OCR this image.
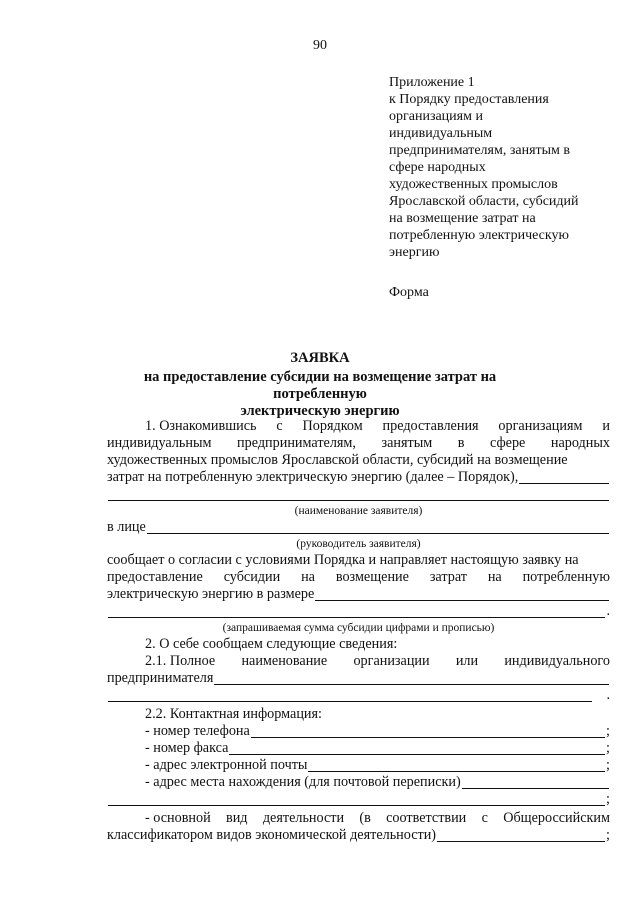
90
Приложение 1
к Порядку предоставления
организациям и
индивидуальным
предпринимателям, занятым в
сфере народных
художественных промыслов
Ярославской области, субсидий
на возмещение затрат на
потребленную электрическую
энергию
Форма
ЗАЯВКА
на предоставление субсидии на возмещение затрат на потребленную
электрическую энергию
1. Ознакомившись с Порядком предоставления организациям и
индивидуальным предпринимателям, занятым в сфере народных
художественных промыслов Ярославской области, субсидий на возмещение
затрат на потребленную электрическую энергию (далее – Порядок),
(наименование заявителя)
в лице
(руководитель заявителя)
сообщает о согласии с условиями Порядка и направляет настоящую заявку на
предоставление субсидии на возмещение затрат на потребленную
электрическую энергию в размере
.
(запрашиваемая сумма субсидии цифрами и прописью)
2. О себе сообщаем следующие сведения:
2.1. Полное наименование организации или индивидуального
предпринимателя
.
2.2. Контактная информация:
- номер телефона	;
- номер факса	;
- адрес электронной почты	;
- адрес места нахождения (для почтовой переписки)
;
- основной вид деятельности (в соответствии с Общероссийским
классификатором видов экономической деятельности)	;
